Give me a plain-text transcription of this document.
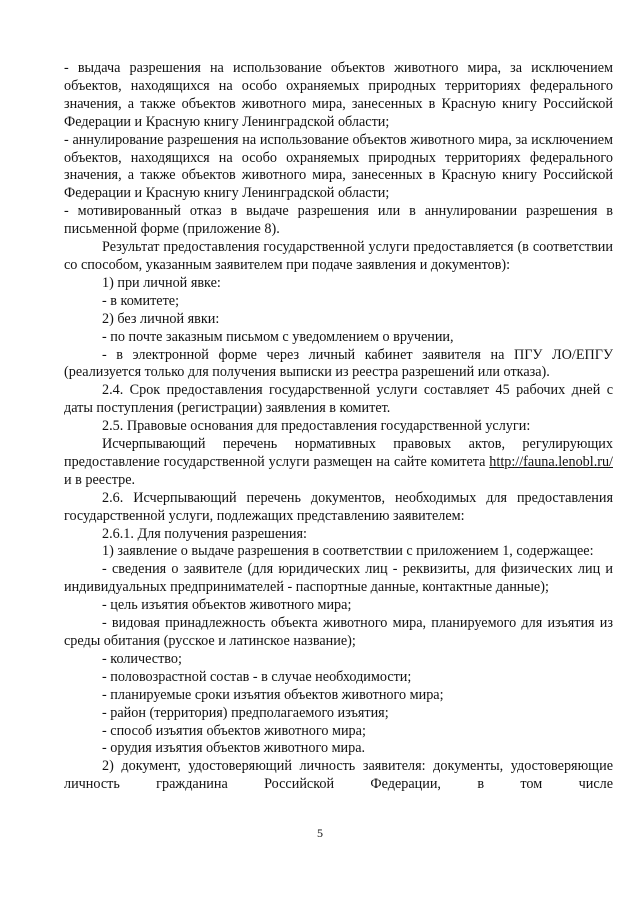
- выдача разрешения на использование объектов животного мира, за исключением объектов, находящихся на особо охраняемых природных территориях федерального значения, а также объектов животного мира, занесенных в Красную книгу Российской Федерации и Красную книгу Ленинградской области;

- аннулирование разрешения на использование объектов животного мира, за исключением объектов, находящихся на особо охраняемых природных территориях федерального значения, а также объектов животного мира, занесенных в Красную книгу Российской Федерации и Красную книгу Ленинградской области;

- мотивированный отказ в выдаче разрешения или в аннулировании разрешения в письменной форме (приложение 8).

Результат предоставления государственной услуги предоставляется (в соответствии со способом, указанным заявителем при подаче заявления и документов):

1) при личной явке:

- в комитете;

2) без личной явки:

- по почте заказным письмом с уведомлением о вручении,

- в электронной форме через личный кабинет заявителя на ПГУ ЛО/ЕПГУ (реализуется только для получения выписки из реестра разрешений или отказа).

2.4. Срок предоставления государственной услуги составляет 45 рабочих дней с даты поступления (регистрации) заявления в комитет.

2.5. Правовые основания для предоставления государственной услуги:

Исчерпывающий перечень нормативных правовых актов, регулирующих предоставление государственной услуги размещен на сайте комитета http://fauna.lenobl.ru/ и в реестре.

2.6. Исчерпывающий перечень документов, необходимых для предоставления государственной услуги, подлежащих представлению заявителем:

2.6.1. Для получения разрешения:

1) заявление о выдаче разрешения в соответствии с приложением 1, содержащее:

- сведения о заявителе (для юридических лиц - реквизиты, для физических лиц и индивидуальных предпринимателей - паспортные данные, контактные данные);

- цель изъятия объектов животного мира;

- видовая принадлежность объекта животного мира, планируемого для изъятия из среды обитания (русское и латинское название);

- количество;

- половозрастной состав - в случае необходимости;

- планируемые сроки изъятия объектов животного мира;

- район (территория) предполагаемого изъятия;

- способ изъятия объектов животного мира;

- орудия изъятия объектов животного мира.

2) документ, удостоверяющий личность заявителя: документы, удостоверяющие личность гражданина Российской Федерации, в том числе

5
